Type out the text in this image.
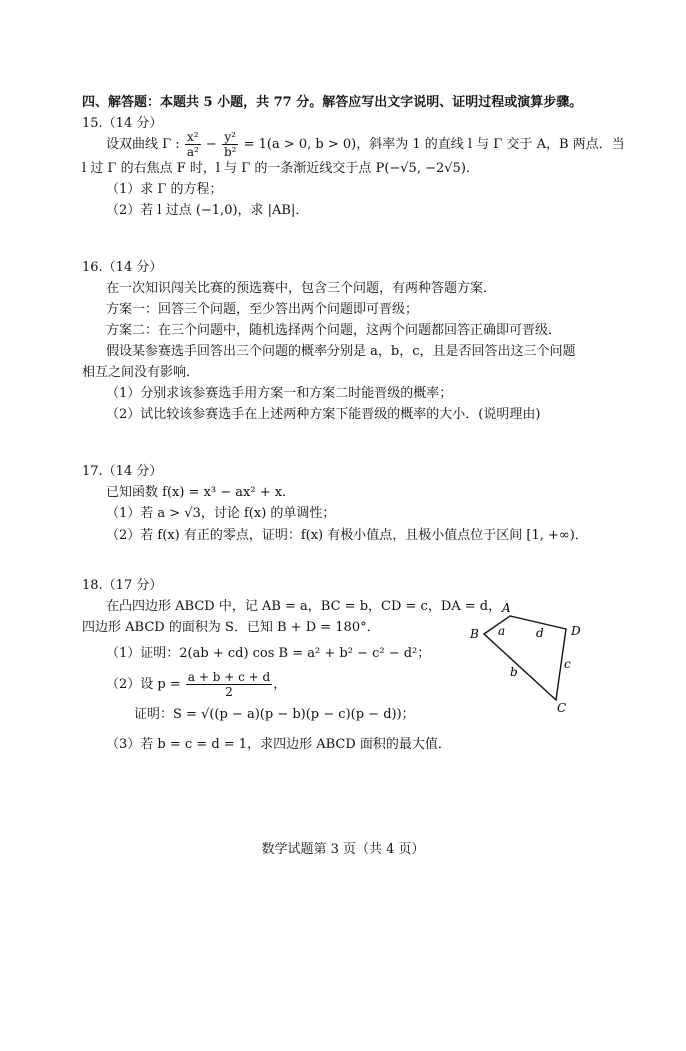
四、解答题：本题共 5 小题，共 77 分。解答应写出文字说明、证明过程或演算步骤。
15.（14 分）
设双曲线 Γ : $\frac{\text{x²}}{\text{a²}} - \frac{\text{y²}}{\text{b²}} = 1(a > 0$, b > 0)，斜率为 1 的直线 l 与 Γ 交于 A，B 两点．当
l 过 Γ 的右焦点 F 时，l 与 Γ 的一条渐近线交于点 P(−√5, −2√5)．
（1）求 Γ 的方程；
（2）若 l 过点 (−1,0)，求 |AB|．
16.（14 分）
在一次知识闯关比赛的预选赛中，包含三个问题，有两种答题方案．
方案一：回答三个问题，至少答出两个问题即可晋级；
方案二：在三个问题中，随机选择两个问题，这两个问题都回答正确即可晋级．
假设某参赛选手回答出三个问题的概率分别是 a，b，c，且是否回答出这三个问题
相互之间没有影响．
（1）分别求该参赛选手用方案一和方案二时能晋级的概率；
（2）试比较该参赛选手在上述两种方案下能晋级的概率的大小．(说明理由)
17.（14 分）
已知函数 f(x) = x³ − ax² + x．
（1）若 a > √3，讨论 f(x) 的单调性；
（2）若 f(x) 有正的零点，证明：f(x) 有极小值点，且极小值点位于区间 [1, +∞)．
18.（17 分）
在凸四边形 ABCD 中，记 AB = a，BC = b，CD = c，DA = d，
四边形 ABCD 的面积为 S．已知 B + D = 180°．
（1）证明：2(ab + cd) cos B = a² + b² − c² − d²；
（2）设 $p = \frac{a + b + c + d}{2}$ ，
证明：S = √((p − a)(p − b)(p − c)(p − d))；
（3）若 b = c = d = 1，求四边形 ABCD 面积的最大值．
A
B
C
D
a	d
c
b
数学试题第 3 页（共 4 页）
